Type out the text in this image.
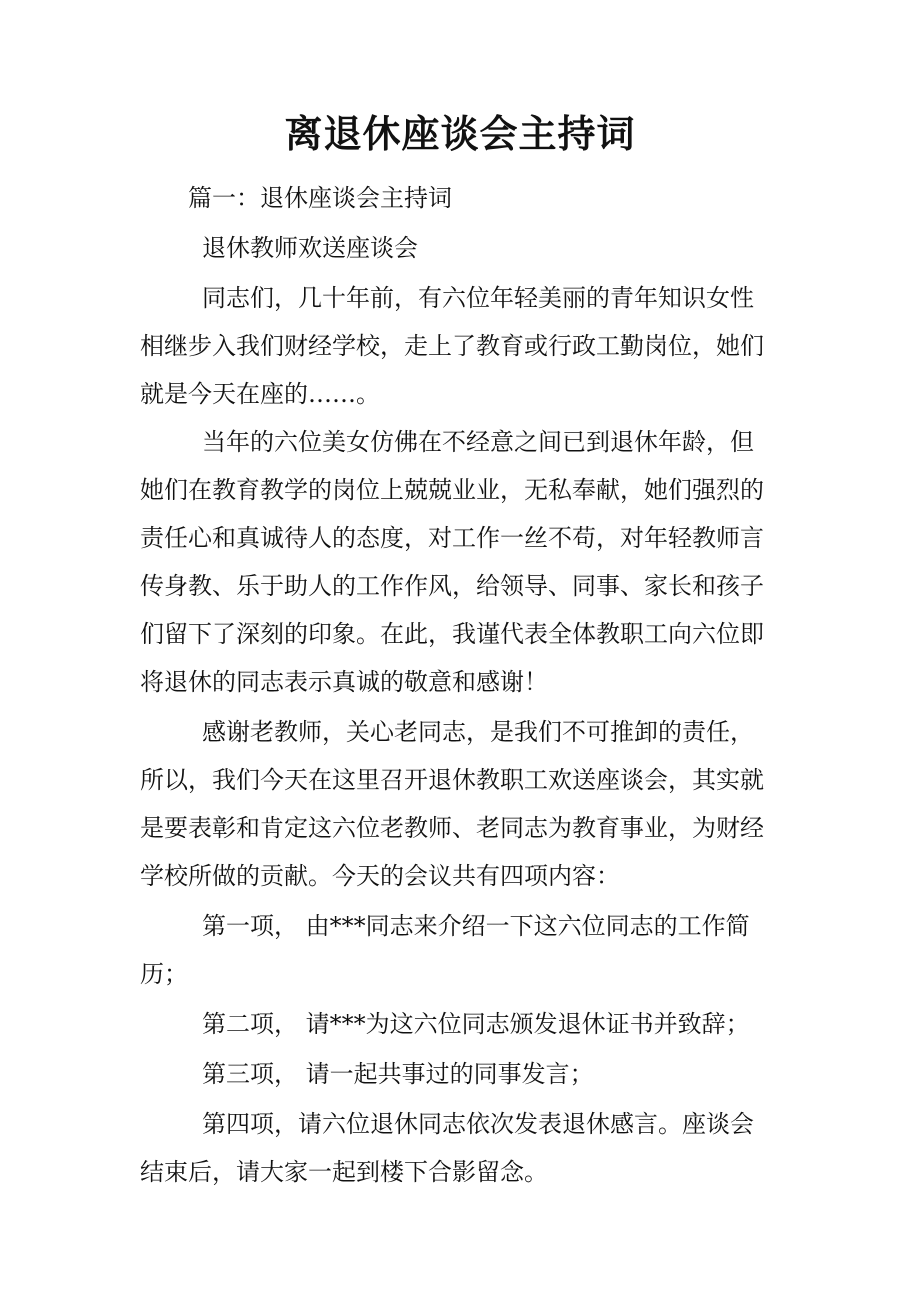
离退休座谈会主持词
篇一：退休座谈会主持词
退休教师欢送座谈会
同志们，几十年前，有六位年轻美丽的青年知识女性
相继步入我们财经学校，走上了教育或行政工勤岗位，她们
就是今天在座的……。
当年的六位美女仿佛在不经意之间已到退休年龄，但
她们在教育教学的岗位上兢兢业业，无私奉献，她们强烈的
责任心和真诚待人的态度，对工作一丝不苟，对年轻教师言
传身教、乐于助人的工作作风，给领导、同事、家长和孩子
们留下了深刻的印象。在此，我谨代表全体教职工向六位即
将退休的同志表示真诚的敬意和感谢！
感谢老教师，关心老同志，是我们不可推卸的责任，
所以，我们今天在这里召开退休教职工欢送座谈会，其实就
是要表彰和肯定这六位老教师、老同志为教育事业，为财经
学校所做的贡献。今天的会议共有四项内容：
第一项， 由***同志来介绍一下这六位同志的工作简
历；
第二项， 请***为这六位同志颁发退休证书并致辞；
第三项， 请一起共事过的同事发言；
第四项，请六位退休同志依次发表退休感言。座谈会
结束后，请大家一起到楼下合影留念。
